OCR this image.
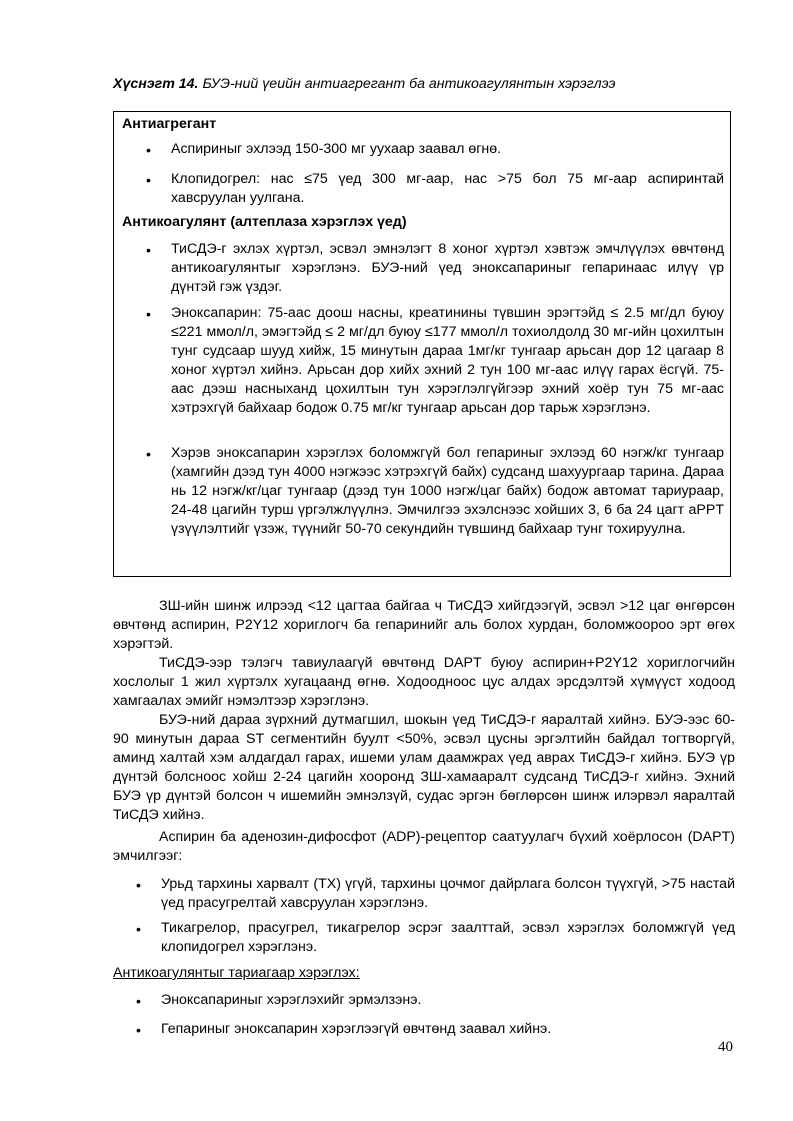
Хүснэгт 14. БУЭ-ний үеийн антиагрегант ба антикоагулянтын хэрэглээ
Антиагрегант
• Аспириныг эхлээд 150-300 мг уухаар заавал өгнө.
• Клопидогрел: нас ≤75 үед 300 мг-аар, нас >75 бол 75 мг-аар аспиринтай хавсруулан уулгана.
Антикоагулянт (алтеплаза хэрэглэх үед)
• ТиСДЭ-г эхлэх хүртэл, эсвэл эмнэлэгт 8 хоног хүртэл хэвтэж эмчлүүлэх өвчтөнд антикоагулянтыг хэрэглэнэ. БУЭ-ний үед эноксапариныг гепаринаас илүү үр дүнтэй гэж үздэг.
• Эноксапарин: 75-аас доош насны, креатинины түвшин эрэгтэйд ≤ 2.5 мг/дл буюу ≤221 ммол/л, эмэгтэйд ≤ 2 мг/дл буюу ≤177 ммол/л тохиолдолд 30 мг-ийн цохилтын тунг судсаар шууд хийж, 15 минутын дараа 1мг/кг тунгаар арьсан дор 12 цагаар 8 хоног хүртэл хийнэ. Арьсан дор хийх эхний 2 тун 100 мг-аас илүү гарах ёсгүй. 75-аас дээш насныханд цохилтын тун хэрэглэлгүйгээр эхний хоёр тун 75 мг-аас хэтрэхгүй байхаар бодож 0.75 мг/кг тунгаар арьсан дор тарьж хэрэглэнэ.
• Хэрэв эноксапарин хэрэглэх боломжгүй бол гепариныг эхлээд 60 нэгж/кг тунгаар (хамгийн дээд тун 4000 нэгжээс хэтрэхгүй байх) судсанд шахуургаар тарина. Дараа нь 12 нэгж/кг/цаг тунгаар (дээд тун 1000 нэгж/цаг байх) бодож автомат тариураар, 24-48 цагийн турш үргэлжлүүлнэ. Эмчилгээ эхэлснээс хойших 3, 6 ба 24 цагт aPPT үзүүлэлтийг үзэж, түүнийг 50-70 секундийн түвшинд байхаар тунг тохируулна.
ЗШ-ийн шинж илрээд <12 цагтаа байгаа ч ТиСДЭ хийгдээгүй, эсвэл >12 цаг өнгөрсөн өвчтөнд аспирин, P2Y12 хориглогч ба гепаринийг аль болох хурдан, боломжоороо эрт өгөх хэрэгтэй.
ТиСДЭ-ээр тэлэгч тавиулаагүй өвчтөнд DAPT буюу аспирин+P2Y12 хориглогчийн хослолыг 1 жил хүртэлх хугацаанд өгнө. Ходоодноос цус алдах эрсдэлтэй хүмүүст ходоод хамгаалах эмийг нэмэлтээр хэрэглэнэ.
БУЭ-ний дараа зүрхний дутмагшил, шокын үед ТиСДЭ-г яаралтай хийнэ. БУЭ-ээс 60-90 минутын дараа ST сегментийн буулт <50%, эсвэл цусны эргэлтийн байдал тогтворгүй, аминд халтай хэм алдагдал гарах, ишеми улам даамжрах үед аврах ТиСДЭ-г хийнэ. БУЭ үр дүнтэй болсноос хойш 2-24 цагийн хооронд ЗШ-хамааралт судсанд ТиСДЭ-г хийнэ. Эхний БУЭ үр дүнтэй болсон ч ишемийн эмнэлзүй, судас эргэн бөглөрсөн шинж илэрвэл яаралтай ТиСДЭ хийнэ.
Аспирин ба аденозин-дифосфот (ADP)-рецептор саатуулагч бүхий хоёрлосон (DAPT) эмчилгээг:
• Урьд тархины харвалт (ТХ) үгүй, тархины цочмог дайрлага болсон түүхгүй, >75 настай үед прасугрелтай хавсруулан хэрэглэнэ.
• Тикагрелор, прасугрел, тикагрелор эсрэг заалттай, эсвэл хэрэглэх боломжгүй үед клопидогрел хэрэглэнэ.
Антикоагулянтыг тариагаар хэрэглэх:
• Эноксапариныг хэрэглэхийг эрмэлзэнэ.
• Гепариныг эноксапарин хэрэглээгүй өвчтөнд заавал хийнэ.
40
